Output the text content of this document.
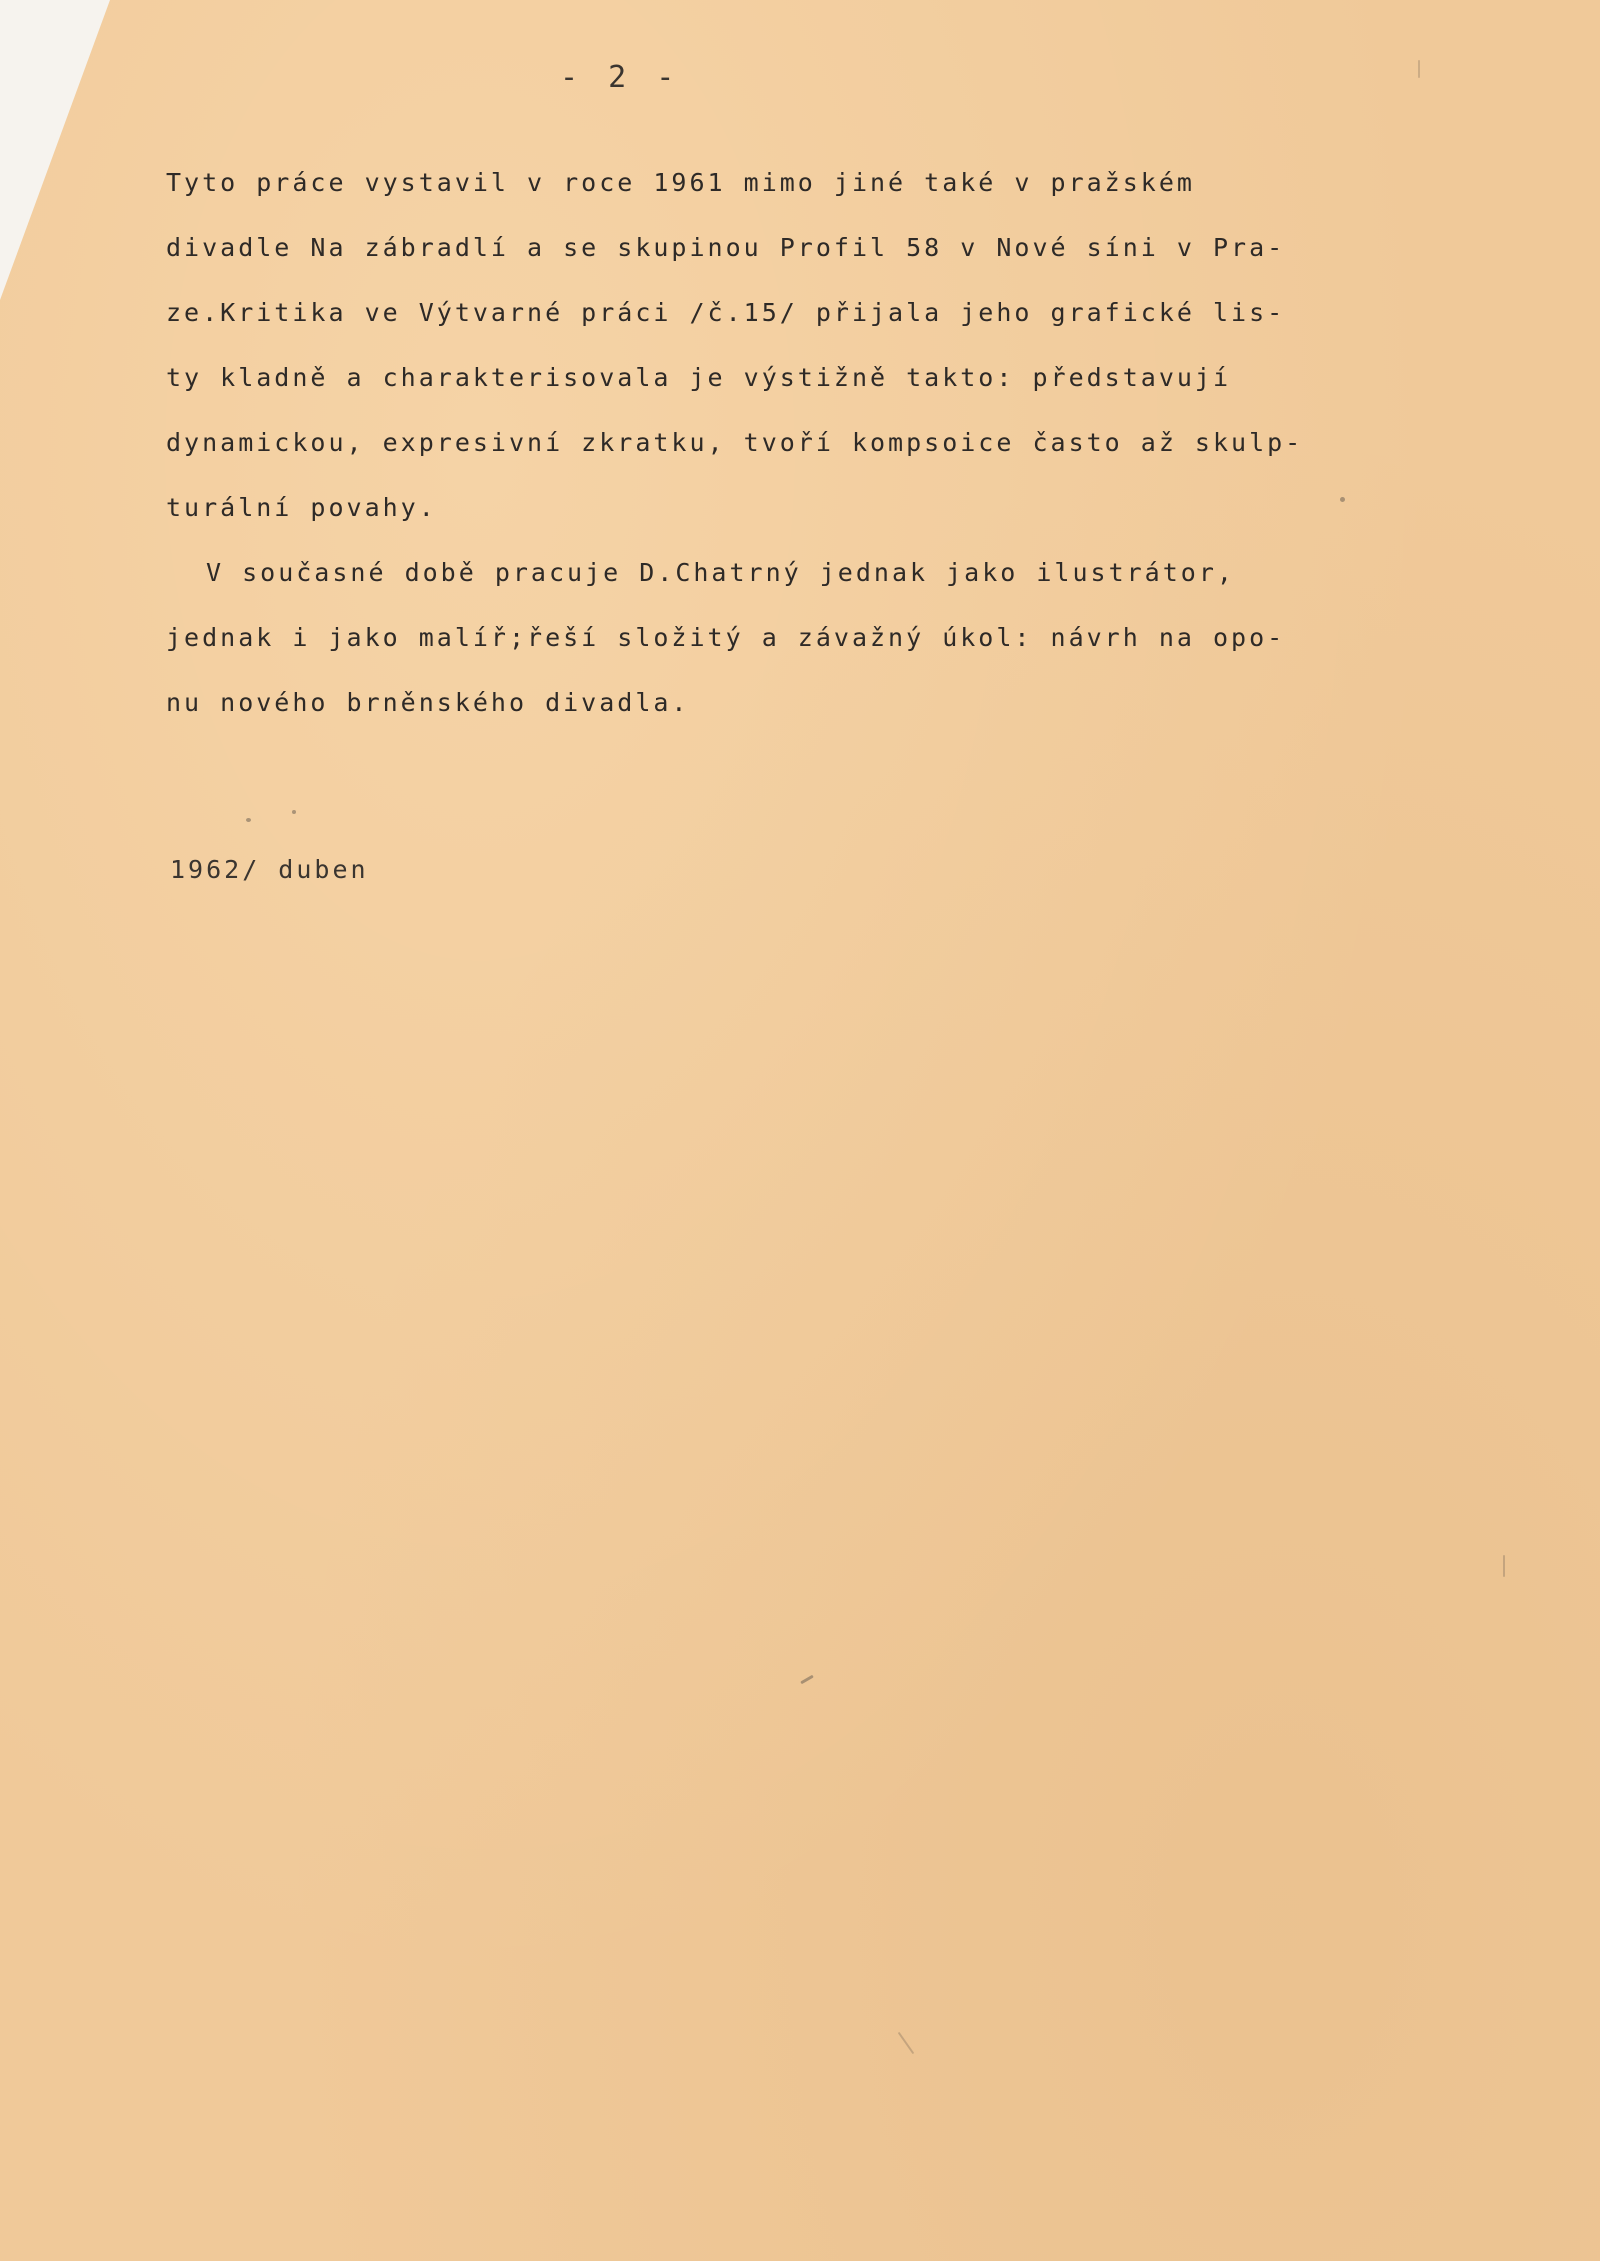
- 2 -
Tyto práce vystavil v roce 1961 mimo jiné také v pražském
divadle Na zábradlí a se skupinou Profil 58 v Nové síni v Pra-
ze.Kritika ve Výtvarné práci /č.15/ přijala jeho grafické lis-
ty kladně a charakterisovala je výstižně takto: představují
dynamickou, expresivní zkratku, tvoří kompsoice často až skulp-
turální povahy.
V současné době pracuje D.Chatrný jednak jako ilustrátor,
jednak i jako malíř;řeší složitý a závažný úkol: návrh na opo-
nu nového brněnského divadla.
1962/ duben
